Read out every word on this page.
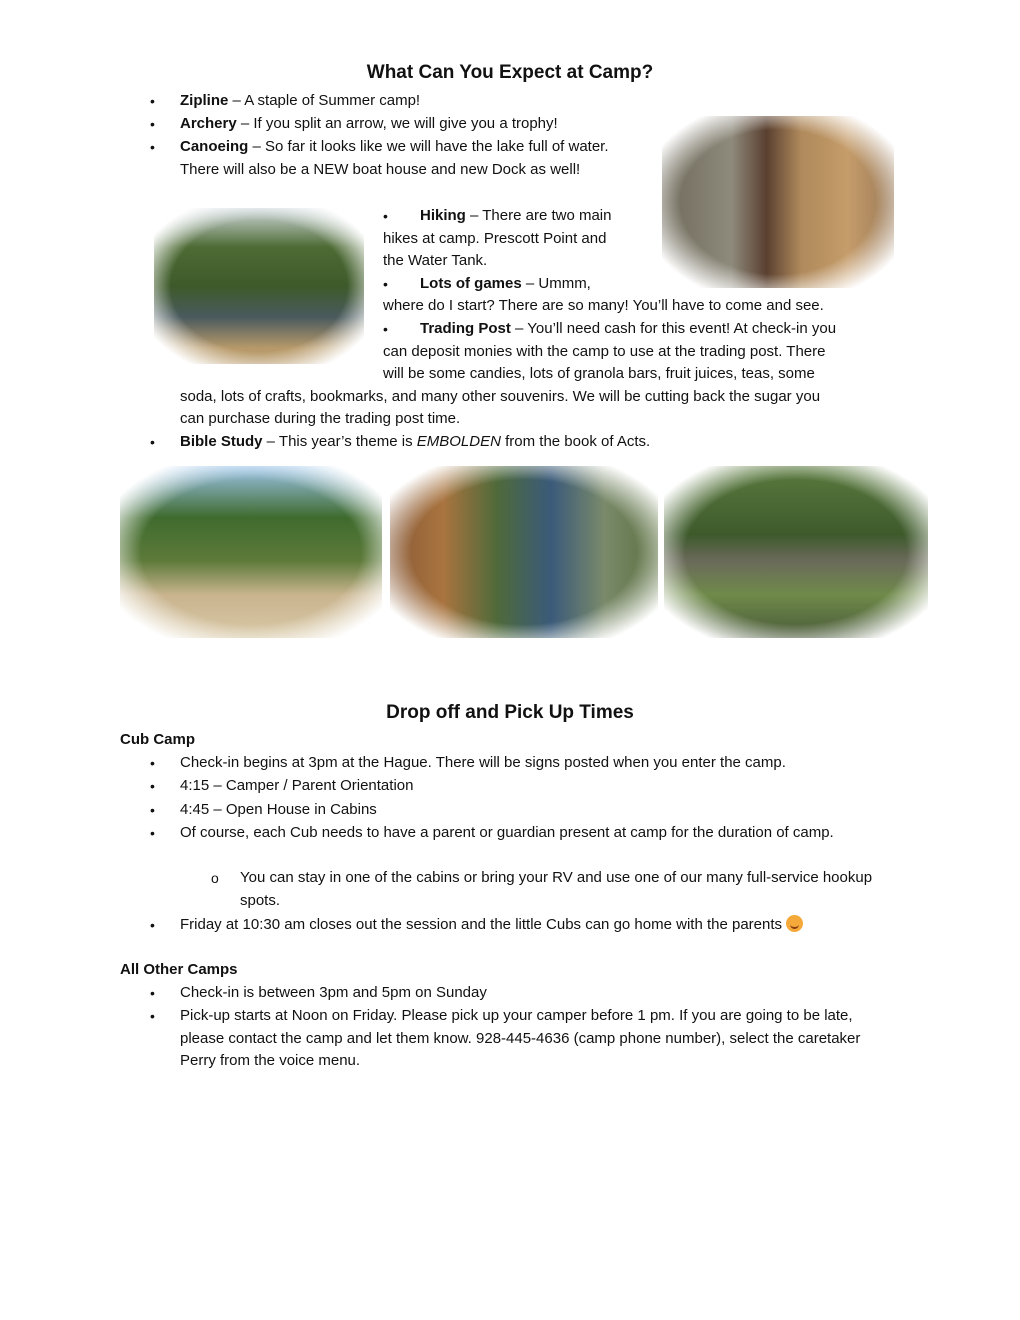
What Can You Expect at Camp?
• Zipline – A staple of Summer camp!
• Archery – If you split an arrow, we will give you a trophy!
• Canoeing – So far it looks like we will have the lake full of water. There will also be a NEW boat house and new Dock as well!
• Hiking – There are two main
hikes at camp. Prescott Point and
the Water Tank.
• Lots of games – Ummm,
where do I start? There are so many! You’ll have to come and see.
• Trading Post – You’ll need cash for this event! At check-in you
can deposit monies with the camp to use at the trading post. There
will be some candies, lots of granola bars, fruit juices, teas, some
soda, lots of crafts, bookmarks, and many other souvenirs. We will be cutting back the sugar you
can purchase during the trading post time.
• Bible Study – This year’s theme is EMBOLDEN from the book of Acts.
Drop off and Pick Up Times
Cub Camp
• Check-in begins at 3pm at the Hague. There will be signs posted when you enter the camp.
• 4:15 – Camper / Parent Orientation
• 4:45 – Open House in Cabins
• Of course, each Cub needs to have a parent or guardian present at camp for the duration of camp.
o You can stay in one of the cabins or bring your RV and use one of our many full-service hookup spots.
• Friday at 10:30 am closes out the session and the little Cubs can go home with the parents
All Other Camps
• Check-in is between 3pm and 5pm on Sunday
• Pick-up starts at Noon on Friday. Please pick up your camper before 1 pm. If you are going to be late, please contact the camp and let them know. 928-445-4636 (camp phone number), select the caretaker Perry from the voice menu.
